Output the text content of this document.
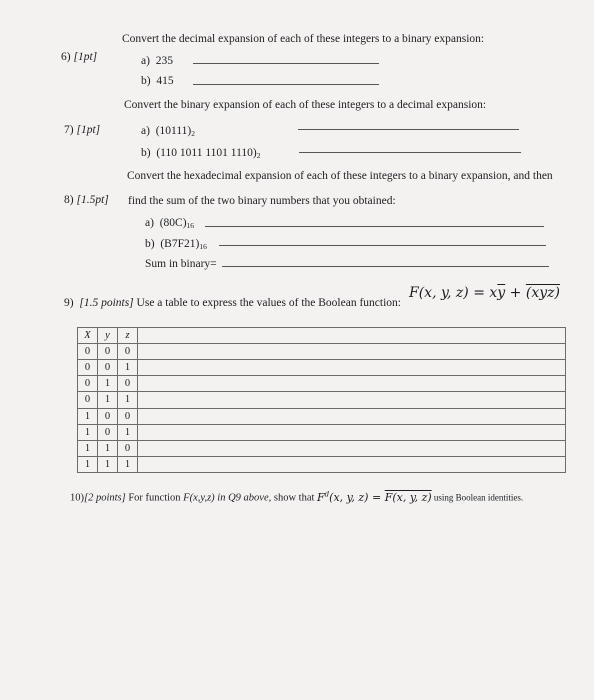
6) [1pt]
Convert the decimal expansion of each of these integers to a binary expansion:
a) 235
b) 415
7) [1pt]
Convert the binary expansion of each of these integers to a decimal expansion:
a) $(10111)_2$
b) (110 1011 1101 $1110)_2$
8) [1.5pt]
Convert the hexadecimal expansion of each of these integers to a binary expansion, and then
find the sum of the two binary numbers that you obtained:
a) $(80C)_{16}$
b) $(B7F21)_{16}$
Sum in binary=
9) [1.5 points] Use a table to express the values of the Boolean function:
F(x, y, $z) = x\overline{y} + (xyz)$
X	y	z	
0	0	0	
0	0	1	
0	1	0	
0	1	1	
1	0	0	
1	0	1	
1	1	0	
1	1	1	
10)[2 points] For function F(x,y,z) in Q9 above, show that $F^d(x$, y, z) = F(x, y, z) using Boolean identities.
